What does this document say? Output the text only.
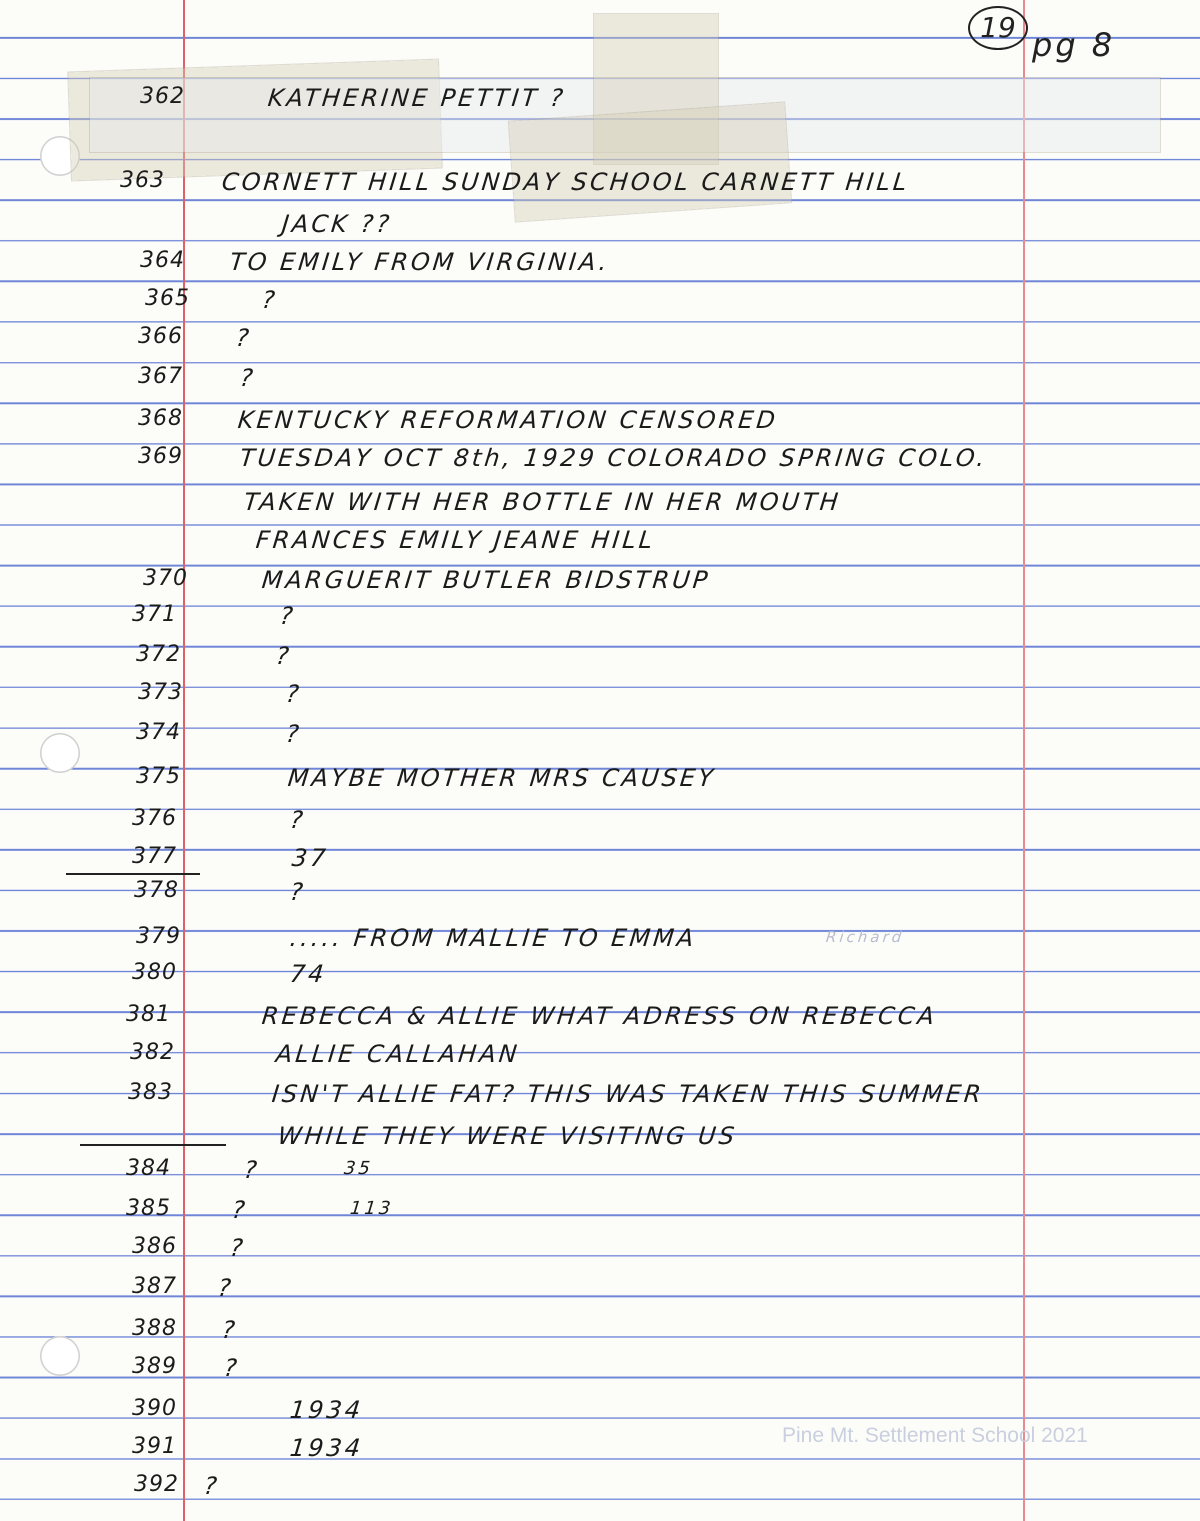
19 pg 8
362	KATHERINE PETTIT ?
363 CORNETT HILL SUNDAY SCHOOL CARNETT HILL
JACK ??
364 TO EMILY FROM VIRGINIA.
365	?
366 ?
367 ?
368 KENTUCKY REFORMATION CENSORED
369 TUESDAY OCT 8th, 1929 COLORADO SPRING COLO.
TAKEN WITH HER BOTTLE IN HER MOUTH
FRANCES EMILY JEANE HILL
370	MARGUERIT BUTLER BIDSTRUP
371	?
372	?
373	?
374	?
375	MAYBE MOTHER MRS CAUSEY
376	?
377	37
378	?
379	..... FROM MALLIE TO EMMA	Richard
380	74
381	REBECCA & ALLIE WHAT ADRESS ON REBECCA
382	ALLIE CALLAHAN
383	ISN'T ALLIE FAT? THIS WAS TAKEN THIS SUMMER
WHILE THEY WERE VISITING US
384	?	35
385 ?	113
386 ?
387 ?
388 ?
389 ?
390	1934
391	1934
392 ?
Pine Mt. Settlement School 2021
